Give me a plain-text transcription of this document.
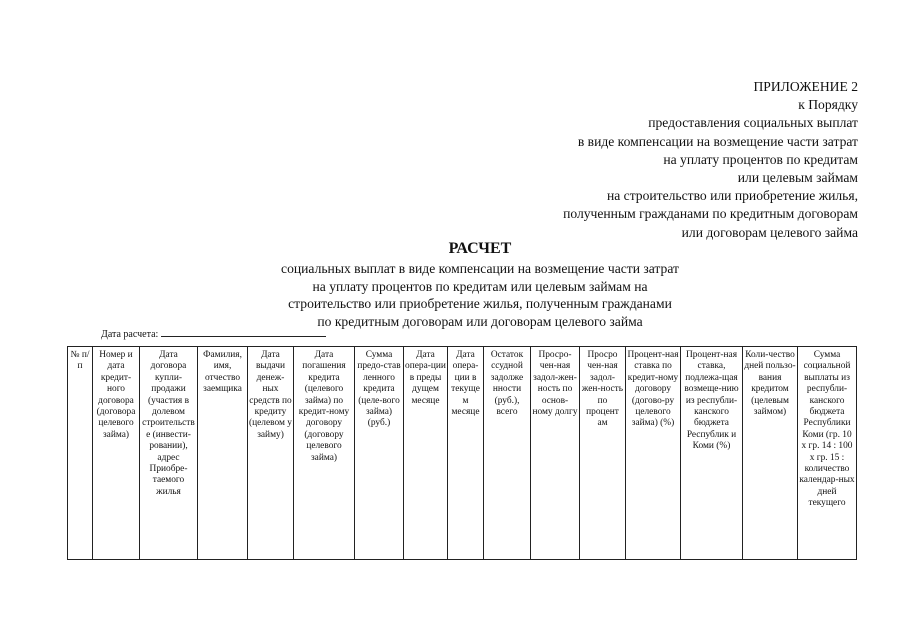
ПРИЛОЖЕНИЕ 2
к Порядку
предоставления социальных выплат
в виде компенсации на возмещение части затрат
на уплату процентов по кредитам
или целевым займам
на строительство или приобретение жилья,
полученным гражданами по кредитным договорам
или договорам целевого займа
РАСЧЕТ
социальных выплат в виде компенсации на возмещение части затрат
на уплату процентов по кредитам или целевым займам на
строительство или приобретение жилья, полученным гражданами
по кредитным договорам или договорам целевого займа
Дата расчета:
№ п/п	Номер и дата кредит-ного договора (договора целевого займа)	Дата договора купли-продажи (участия в долевом строительстве (инвести-ровании), адрес Приобре-таемого жилья	Фамилия, имя, отчество заемщика	Дата выдачи денеж-ных средств по кредиту (целевом у займу)	Дата погашения кредита (целевого займа) по кредит-ному договору (договору целевого займа)	Сумма предо-став ленного кредита (целе-вого займа) (руб.)	Дата опера-ции в преды дущем месяце	Дата опера-ции в текуще м месяце	Остаток ссудной задолже нности (руб.), всего	Просро-чен-ная задол-жен-ность по основ-ному долгу	Просро чен-ная задол-жен-ность по процент ам	Процент-ная ставка по кредит-ному договору (догово-ру целевого займа) (%)	Процент-ная ставка, подлежа-щая возмеще-нию из республи-канского бюджета Республик и Коми (%)	Коли-чество дней пользо-вания кредитом (целевым займом)	Сумма социальной выплаты из республи-канского бюджета Республики Коми (гр. 10 х гр. 14 : 100 х гр. 15 : количество календар-ных дней текущего
